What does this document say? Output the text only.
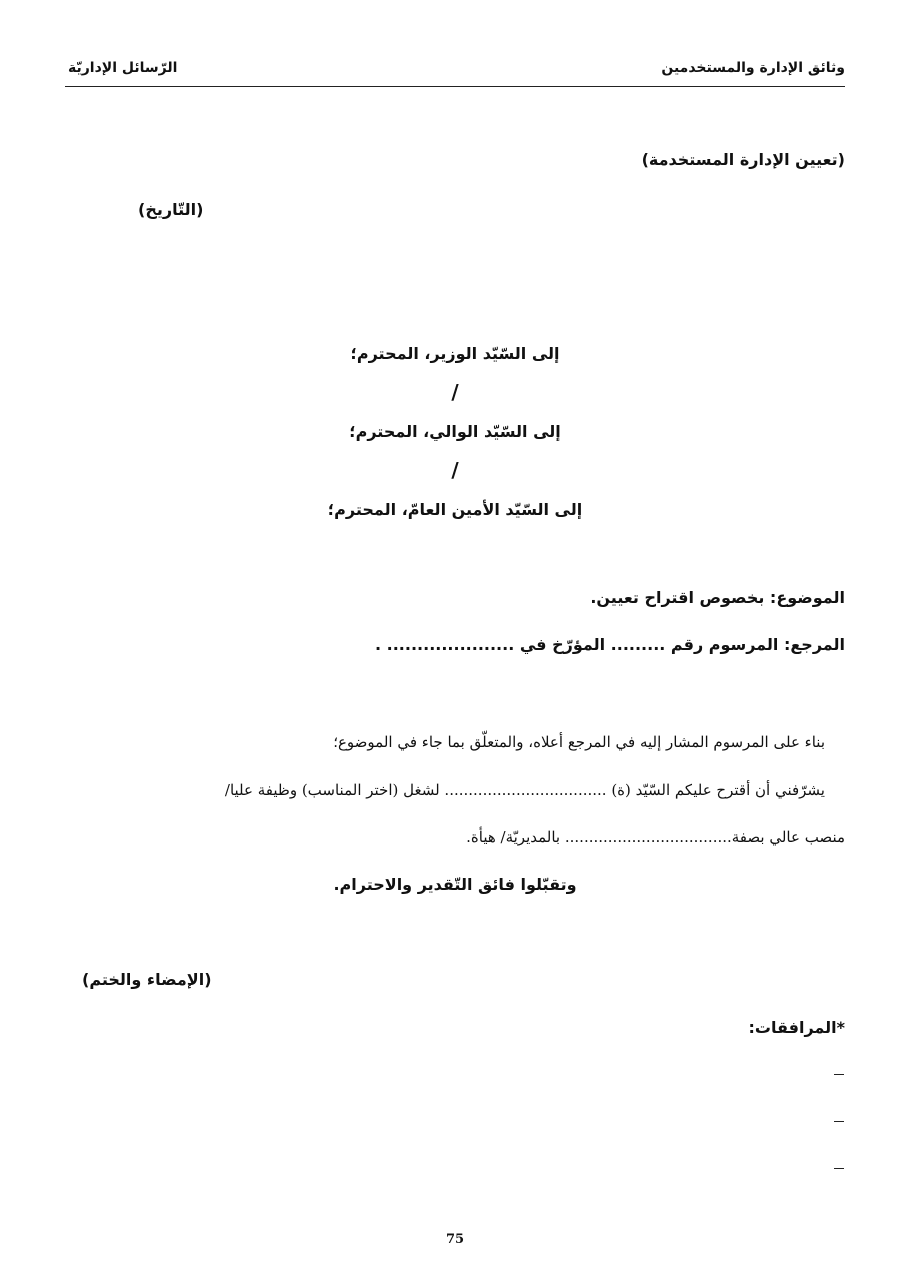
وثائق الإدارة والمستخدمين
الرّسائل الإداريّة
(تعيين الإدارة المستخدمة)
(التّاريخ)
إلى السّيّد الوزير، المحترم؛
/
إلى السّيّد الوالي، المحترم؛
/
إلى السّيّد الأمين العامّ، المحترم؛
الموضوع: بخصوص اقتراح تعيين.
المرجع: المرسوم رقم ......... المؤرّخ في ..................... .
بناء على المرسوم المشار إليه في المرجع أعلاه، والمتعلّق بما جاء في الموضوع؛
يشرّفني أن أقترح عليكم السّيّد (ة) .................................. لشغل (اختر المناسب) وظيفة عليا/
منصب عالي بصفة................................... بالمديريّة/ هيأة.
وتقبّلوا فائق التّقدير والاحترام.
(الإمضاء والختم)
*المرافقات:
75
